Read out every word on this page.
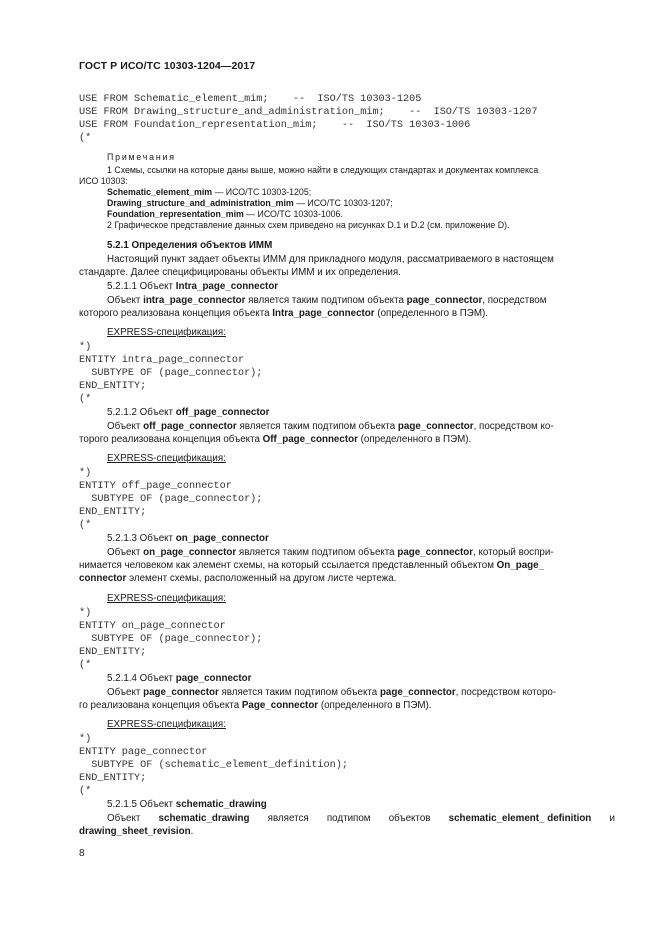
ГОСТ Р ИСО/ТС 10303-1204—2017
USE FROM Schematic_element_mim;    --  ISO/TS 10303-1205
USE FROM Drawing_structure_and_administration_mim;    --  ISO/TS 10303-1207
USE FROM Foundation_representation_mim;    --  ISO/TS 10303-1006
(*
Примечания
1 Схемы, ссылки на которые даны выше, можно найти в следующих стандартах и документах комплекса
ИСО 10303:
Schematic_element_mim — ИСО/ТС 10303-1205;
Drawing_structure_and_administration_mim — ИСО/ТС 10303-1207;
Foundation_representation_mim — ИСО/ТС 10303-1006.
2 Графическое представление данных схем приведено на рисунках D.1 и D.2 (см. приложение D).
5.2.1 Определения объектов ИММ
Настоящий пункт задает объекты ИММ для прикладного модуля, рассматриваемого в настоящем
стандарте. Далее специфицированы объекты ИММ и их определения.
5.2.1.1 Объект Intra_page_connector
Объект intra_page_connector является таким подтипом объекта page_connector, посредством
которого реализована концепция объекта Intra_page_connector (определенного в ПЭМ).
EXPRESS-спецификация:
*)
ENTITY intra_page_connector
SUBTYPE OF (page_connector);
END_ENTITY;
(*
5.2.1.2 Объект off_page_connector
Объект off_page_connector является таким подтипом объекта page_connector, посредством ко-
торого реализована концепция объекта Off_page_connector (определенного в ПЭМ).
EXPRESS-спецификация:
*)
ENTITY off_page_connector
SUBTYPE OF (page_connector);
END_ENTITY;
(*
5.2.1.3 Объект on_page_connector
Объект on_page_connector является таким подтипом объекта page_connector, который воспри-
нимается человеком как элемент схемы, на который ссылается представленный объектом On_page_
connector элемент схемы, расположенный на другом листе чертежа.
EXPRESS-спецификация:
*)
ENTITY on_page_connector
SUBTYPE OF (page_connector);
END_ENTITY;
(*
5.2.1.4 Объект page_connector
Объект page_connector является таким подтипом объекта page_connector, посредством которо-
го реализована концепция объекта Page_connector (определенного в ПЭМ).
EXPRESS-спецификация:
*)
ENTITY page_connector
SUBTYPE OF (schematic_element_definition);
END_ENTITY;
(*
5.2.1.5 Объект schematic_drawing
Объект schematic_drawing является подтипом объектов schematic_element_ definition и
drawing_sheet_revision.
8
